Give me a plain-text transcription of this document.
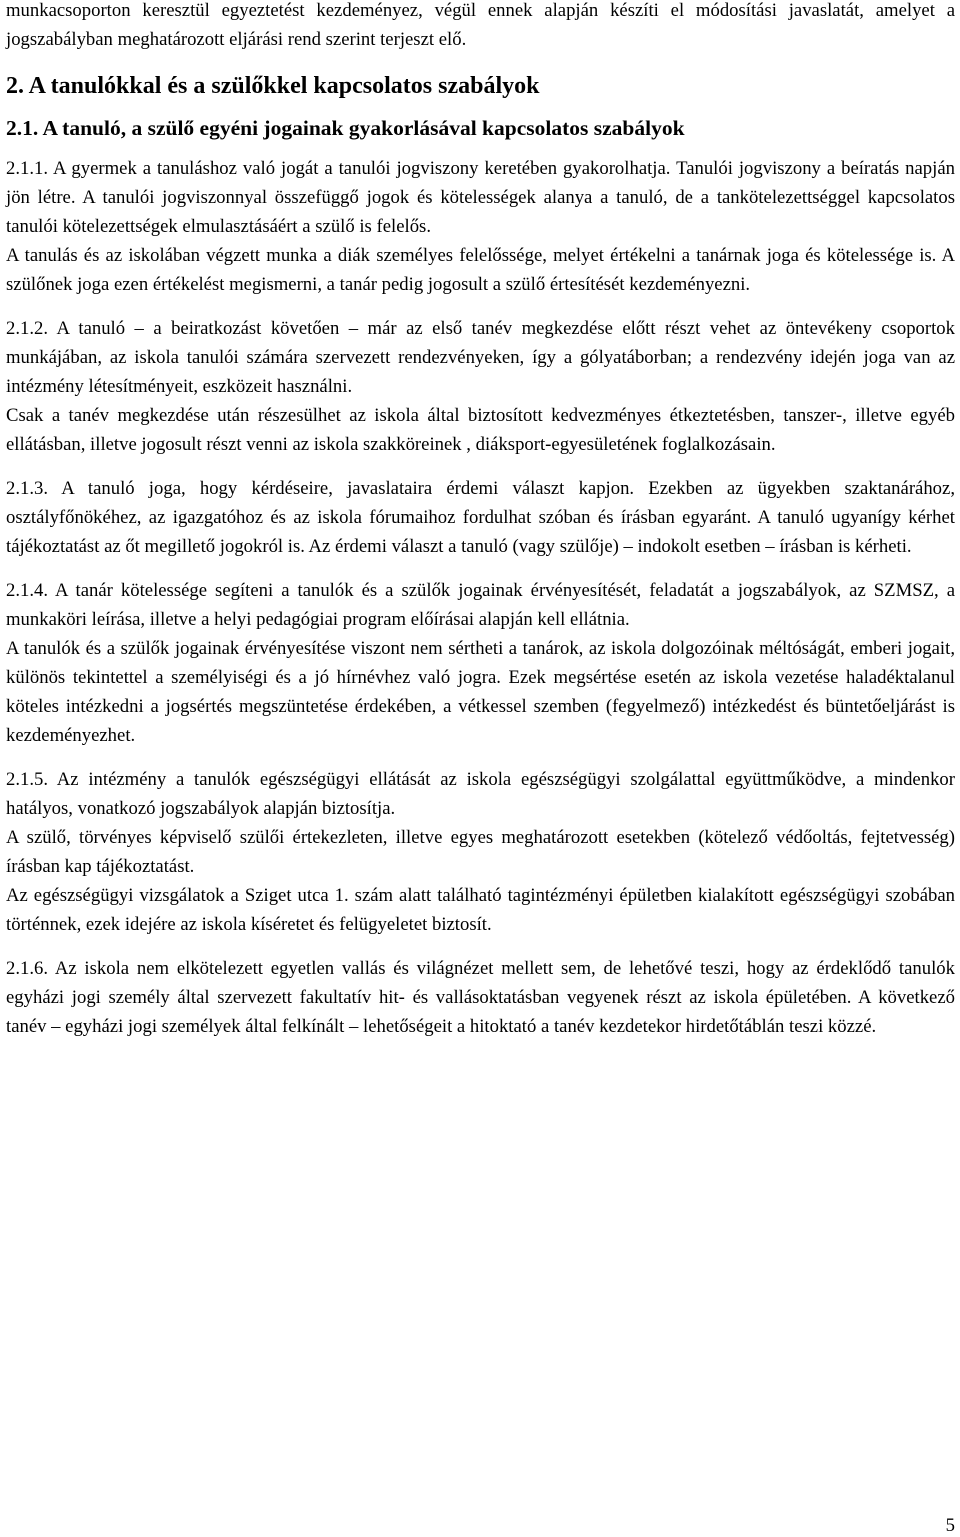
munkacsoporton keresztül egyeztetést kezdeményez, végül ennek alapján készíti el módosítási javaslatát, amelyet a jogszabályban meghatározott eljárási rend szerint terjeszt elő.

2. A tanulókkal és a szülőkkel kapcsolatos szabályok
2.1. A tanuló, a szülő egyéni jogainak gyakorlásával kapcsolatos szabályok

2.1.1. A gyermek a tanuláshoz való jogát a tanulói jogviszony keretében gyakorolhatja. Tanulói jogviszony a beíratás napján jön létre. A tanulói jogviszonnyal összefüggő jogok és kötelességek alanya a tanuló, de a tankötelezettséggel kapcsolatos tanulói kötelezettségek elmulasztásáért a szülő is felelős.

A tanulás és az iskolában végzett munka a diák személyes felelőssége, melyet értékelni a tanárnak joga és kötelessége is. A szülőnek joga ezen értékelést megismerni, a tanár pedig jogosult a szülő értesítését kezdeményezni.

2.1.2. A tanuló – a beiratkozást követően – már az első tanév megkezdése előtt részt vehet az öntevékeny csoportok munkájában, az iskola tanulói számára szervezett rendezvényeken, így a gólyatáborban; a rendezvény idején joga van az intézmény létesítményeit, eszközeit használni.

Csak a tanév megkezdése után részesülhet az iskola által biztosított kedvezményes étkeztetésben, tanszer-, illetve egyéb ellátásban, illetve jogosult részt venni az iskola szakköreinek , diáksport-egyesületének foglalkozásain.

2.1.3. A tanuló joga, hogy kérdéseire, javaslataira érdemi választ kapjon. Ezekben az ügyekben szaktanárához, osztályfőnökéhez, az igazgatóhoz és az iskola fórumaihoz fordulhat szóban és írásban egyaránt. A tanuló ugyanígy kérhet tájékoztatást az őt megillető jogokról is. Az érdemi választ a tanuló (vagy szülője) – indokolt esetben – írásban is kérheti.

2.1.4. A tanár kötelessége segíteni a tanulók és a szülők jogainak érvényesítését, feladatát a jogszabályok, az SZMSZ, a munkaköri leírása, illetve a helyi pedagógiai program előírásai alapján kell ellátnia.

A tanulók és a szülők jogainak érvényesítése viszont nem sértheti a tanárok, az iskola dolgozóinak méltóságát, emberi jogait, különös tekintettel a személyiségi és a jó hírnévhez való jogra. Ezek megsértése esetén az iskola vezetése haladéktalanul köteles intézkedni a jogsértés megszüntetése érdekében, a vétkessel szemben (fegyelmező) intézkedést és büntetőeljárást is kezdeményezhet.

2.1.5. Az intézmény a tanulók egészségügyi ellátását az iskola egészségügyi szolgálattal együttműködve, a mindenkor hatályos, vonatkozó jogszabályok alapján biztosítja.

A szülő, törvényes képviselő szülői értekezleten, illetve egyes meghatározott esetekben (kötelező védőoltás, fejtetvesség) írásban kap tájékoztatást.

Az egészségügyi vizsgálatok a Sziget utca 1. szám alatt található tagintézményi épületben kialakított egészségügyi szobában történnek, ezek idejére az iskola kíséretet és felügyeletet biztosít.

2.1.6. Az iskola nem elkötelezett egyetlen vallás és világnézet mellett sem, de lehetővé teszi, hogy az érdeklődő tanulók egyházi jogi személy által szervezett fakultatív hit- és vallásoktatásban vegyenek részt az iskola épületében. A következő tanév – egyházi jogi személyek által felkínált – lehetőségeit a hitoktató a tanév kezdetekor hirdetőtáblán teszi közzé.

5
